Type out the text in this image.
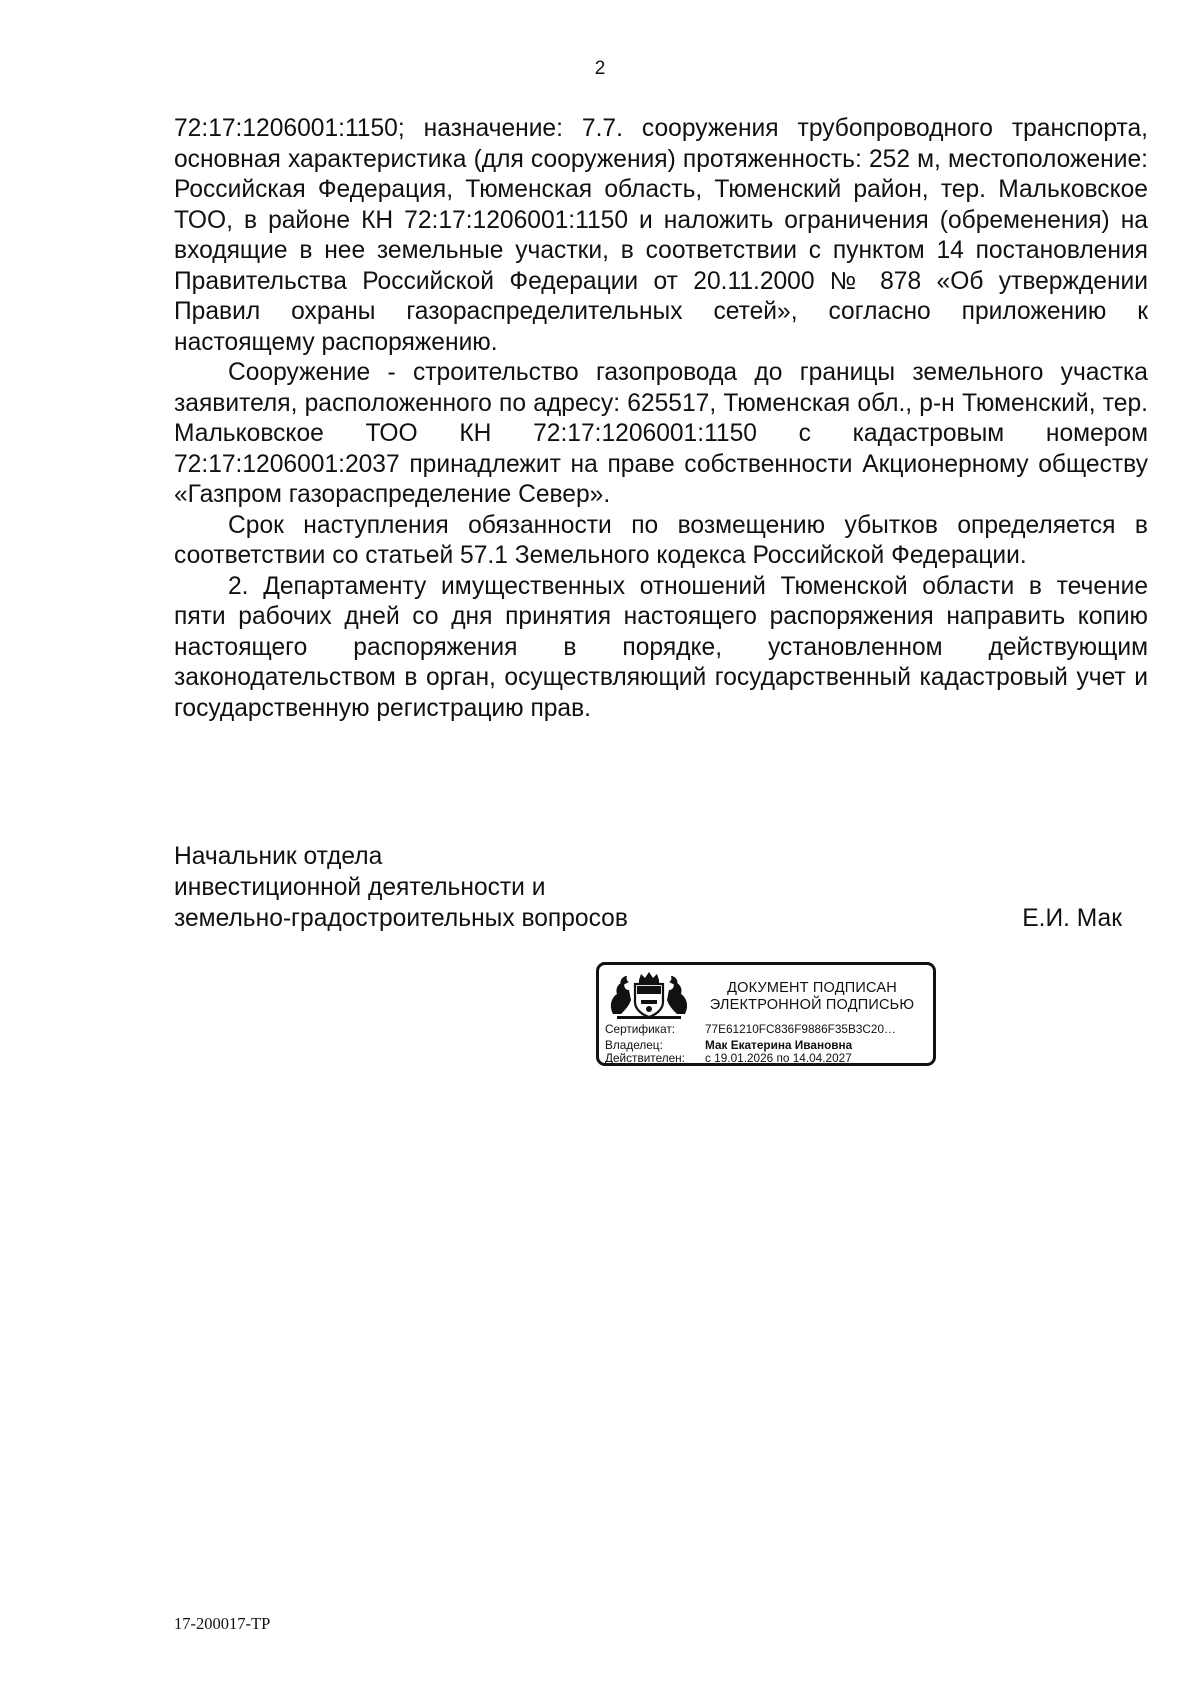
2

72:17:1206001:1150; назначение: 7.7. сооружения трубопроводного транспорта, основная характеристика (для сооружения) протяженность: 252 м, местоположение: Российская Федерация, Тюменская область, Тюменский район, тер. Мальковское ТОО, в районе КН 72:17:1206001:1150 и наложить ограничения (обременения) на входящие в нее земельные участки, в соответствии с пунктом 14 постановления Правительства Российской Федерации от 20.11.2000 № 878 «Об утверждении Правил охраны газораспределительных сетей», согласно приложению к настоящему распоряжению.

Сооружение - строительство газопровода до границы земельного участка заявителя, расположенного по адресу: 625517, Тюменская обл., р-н Тюменский, тер. Мальковское ТОО КН 72:17:1206001:1150 с кадастровым номером 72:17:1206001:2037 принадлежит на праве собственности Акционерному обществу «Газпром газораспределение Север».

Срок наступления обязанности по возмещению убытков определяется в соответствии со статьей 57.1 Земельного кодекса Российской Федерации.

2. Департаменту имущественных отношений Тюменской области в течение пяти рабочих дней со дня принятия настоящего распоряжения направить копию настоящего распоряжения в порядке, установленном действующим законодательством в орган, осуществляющий государственный кадастровый учет и государственную регистрацию прав.

Начальник отдела
инвестиционной деятельности и
земельно-градостроительных вопросов	Е.И. Мак
ДОКУМЕНТ ПОДПИСАН
ЭЛЕКТРОННОЙ ПОДПИСЬЮ
Сертификат:	77E61210FC836F9886F35B3C20…
Владелец:	Мак Екатерина Ивановна
Действителен: с 19.01.2026 по 14.04.2027
17-200017-ТР
